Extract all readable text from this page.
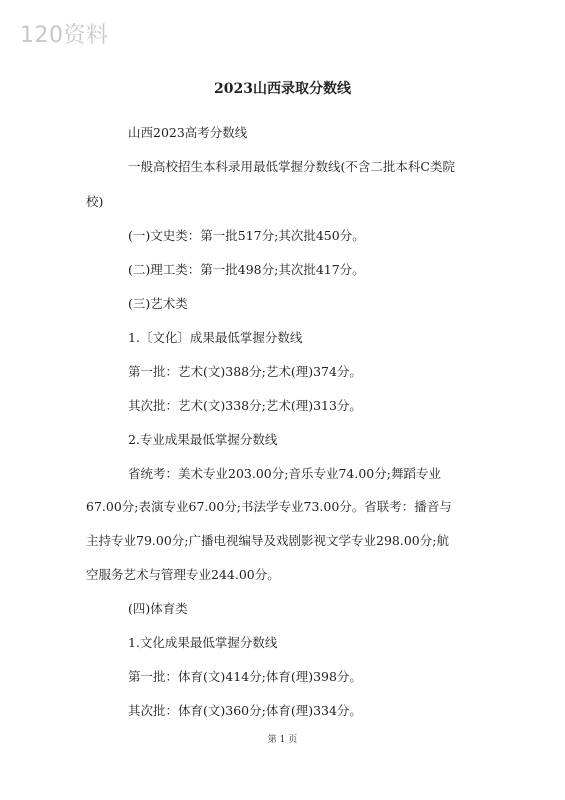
120资料
2023山西录取分数线
山西2023高考分数线
一般高校招生本科录用最低掌握分数线(不含二批本科C类院
校)
(一)文史类：第一批517分;其次批450分。
(二)理工类：第一批498分;其次批417分。
(三)艺术类
1.〔文化〕成果最低掌握分数线
第一批：艺术(文)388分;艺术(理)374分。
其次批：艺术(文)338分;艺术(理)313分。
2.专业成果最低掌握分数线
省统考：美术专业203.00分;音乐专业74.00分;舞蹈专业
67.00分;表演专业67.00分;书法学专业73.00分。省联考：播音与
主持专业79.00分;广播电视编导及戏剧影视文学专业298.00分;航
空服务艺术与管理专业244.00分。
(四)体育类
1.文化成果最低掌握分数线
第一批：体育(文)414分;体育(理)398分。
其次批：体育(文)360分;体育(理)334分。
第 1 页
